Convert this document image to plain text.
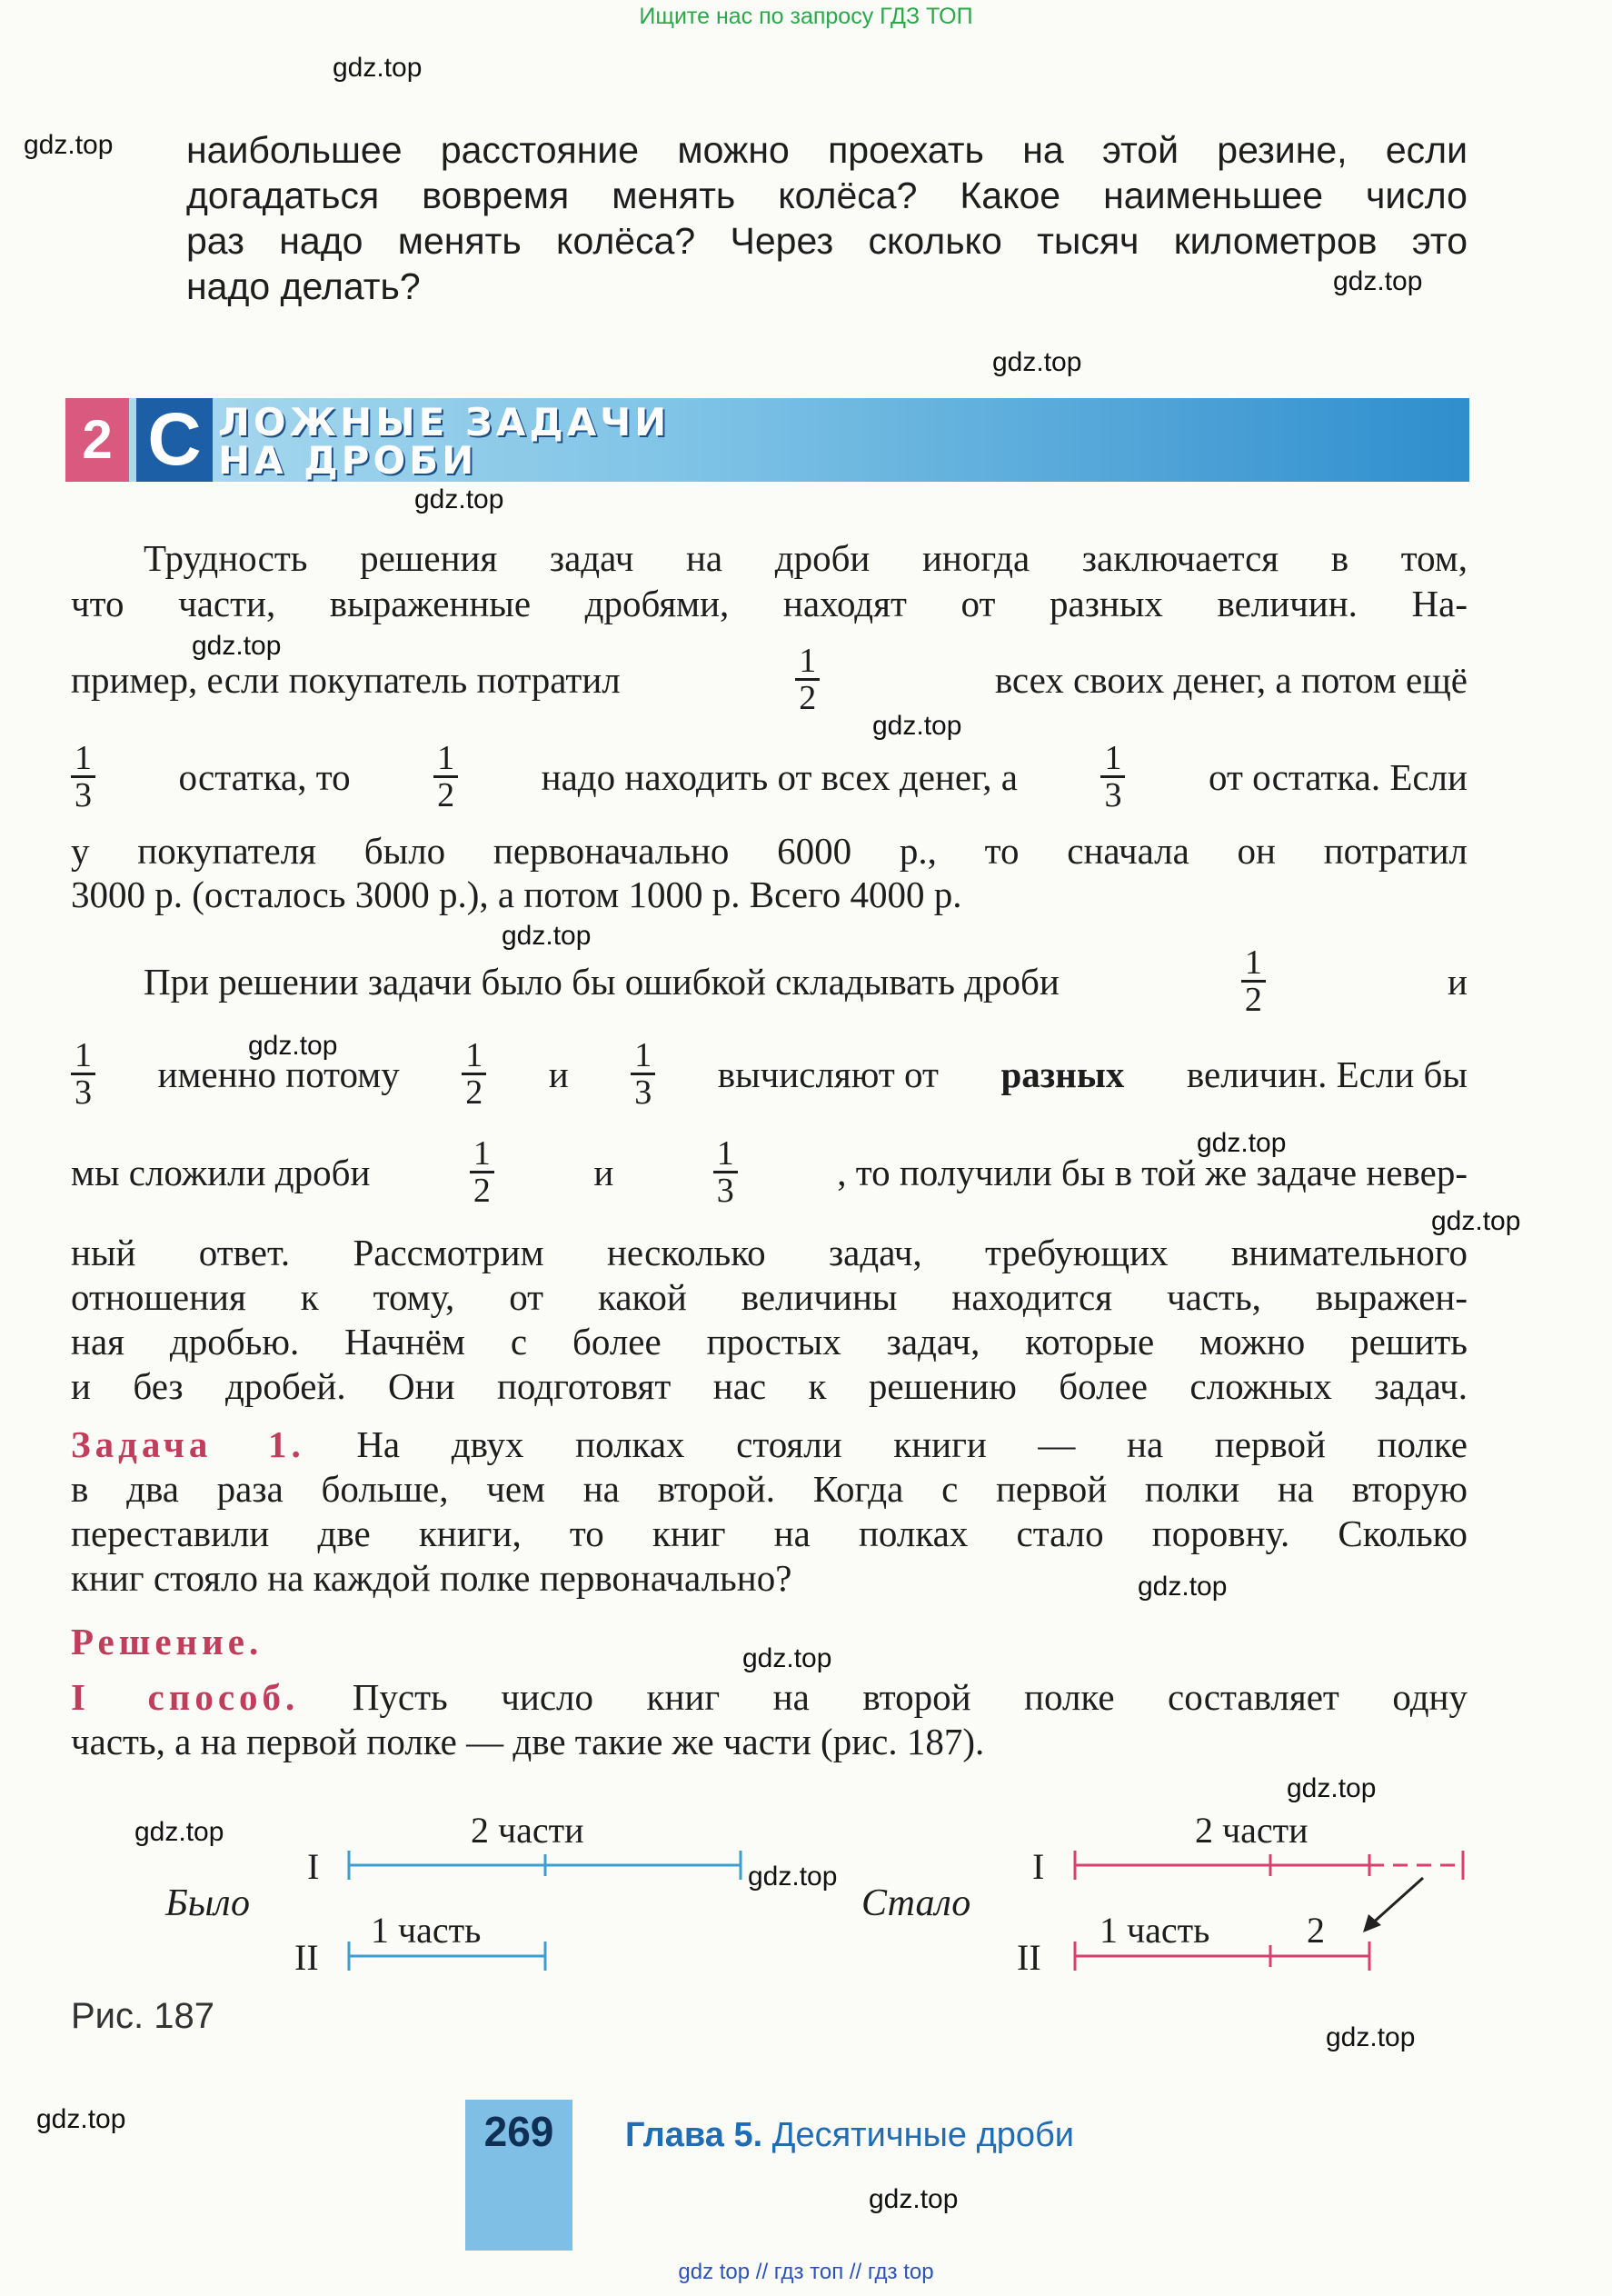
Ищите нас по запросу ГДЗ ТОП
gdz.top
gdz.top
gdz.top
gdz.top
gdz.top
gdz.top
gdz.top
gdz.top
gdz.top
gdz.top
gdz.top
gdz.top
gdz.top
gdz.top
gdz.top
gdz.top
gdz.top
gdz.top
gdz.top
наибольшее расстояние можно проехать на этой резине, если
догадаться вовремя менять колёса? Какое наименьшее число
раз надо менять колёса? Через сколько тысяч километров это
надо делать?
2 С ЛОЖНЫЕ ЗАДАЧИ
НА ДРОБИ
Трудность решения задач на дроби иногда заключается в том,
что части, выраженные дробями, находят от разных величин. На-
пример, если покупатель потратил	$\frac{1}{2}$	всех своих денег, а потом ещё
$\frac{1}{3}$ остатка, то $\frac{1}{2}$ надо находить от всех денег, а $\frac{1}{3}$ от остатка. Если
у покупателя было первоначально 6000 р., то сначала он потратил
3000 р. (осталось 3000 р.), а потом 1000 р. Всего 4000 р.
При решении задачи было бы ошибкой складывать дроби	$\frac{1}{2}$	и
$\frac{1}{3}$ именно потому $\frac{1}{2}$ и $\frac{1}{3}$ вычисляют от разных величин. Если бы
мы сложили дроби	$\frac{1}{2}$	и	$\frac{1}{3}$	, то получили бы в той же задаче невер-
ный ответ. Рассмотрим несколько задач, требующих внимательного
отношения к тому, от какой величины находится часть, выражен-
ная дробью. Начнём с более простых задач, которые можно решить
и без дробей. Они подготовят нас к решению более сложных задач.
Задача 1. На двух полках стояли книги — на первой полке
в два раза больше, чем на второй. Когда с первой полки на вторую
переставили две книги, то книг на полках стало поровну. Сколько
книг стояло на каждой полке первоначально?
Решение.
I способ. Пусть число книг на второй полке составляет одну
часть, а на первой полке — две такие же части (рис. 187).
Было
I
II
2 части
1 часть
Стало
I
II
2 части
1 часть	2
Рис. 187
269	Глава 5. Десятичные дроби
gdz top // гдз топ // гдз top
